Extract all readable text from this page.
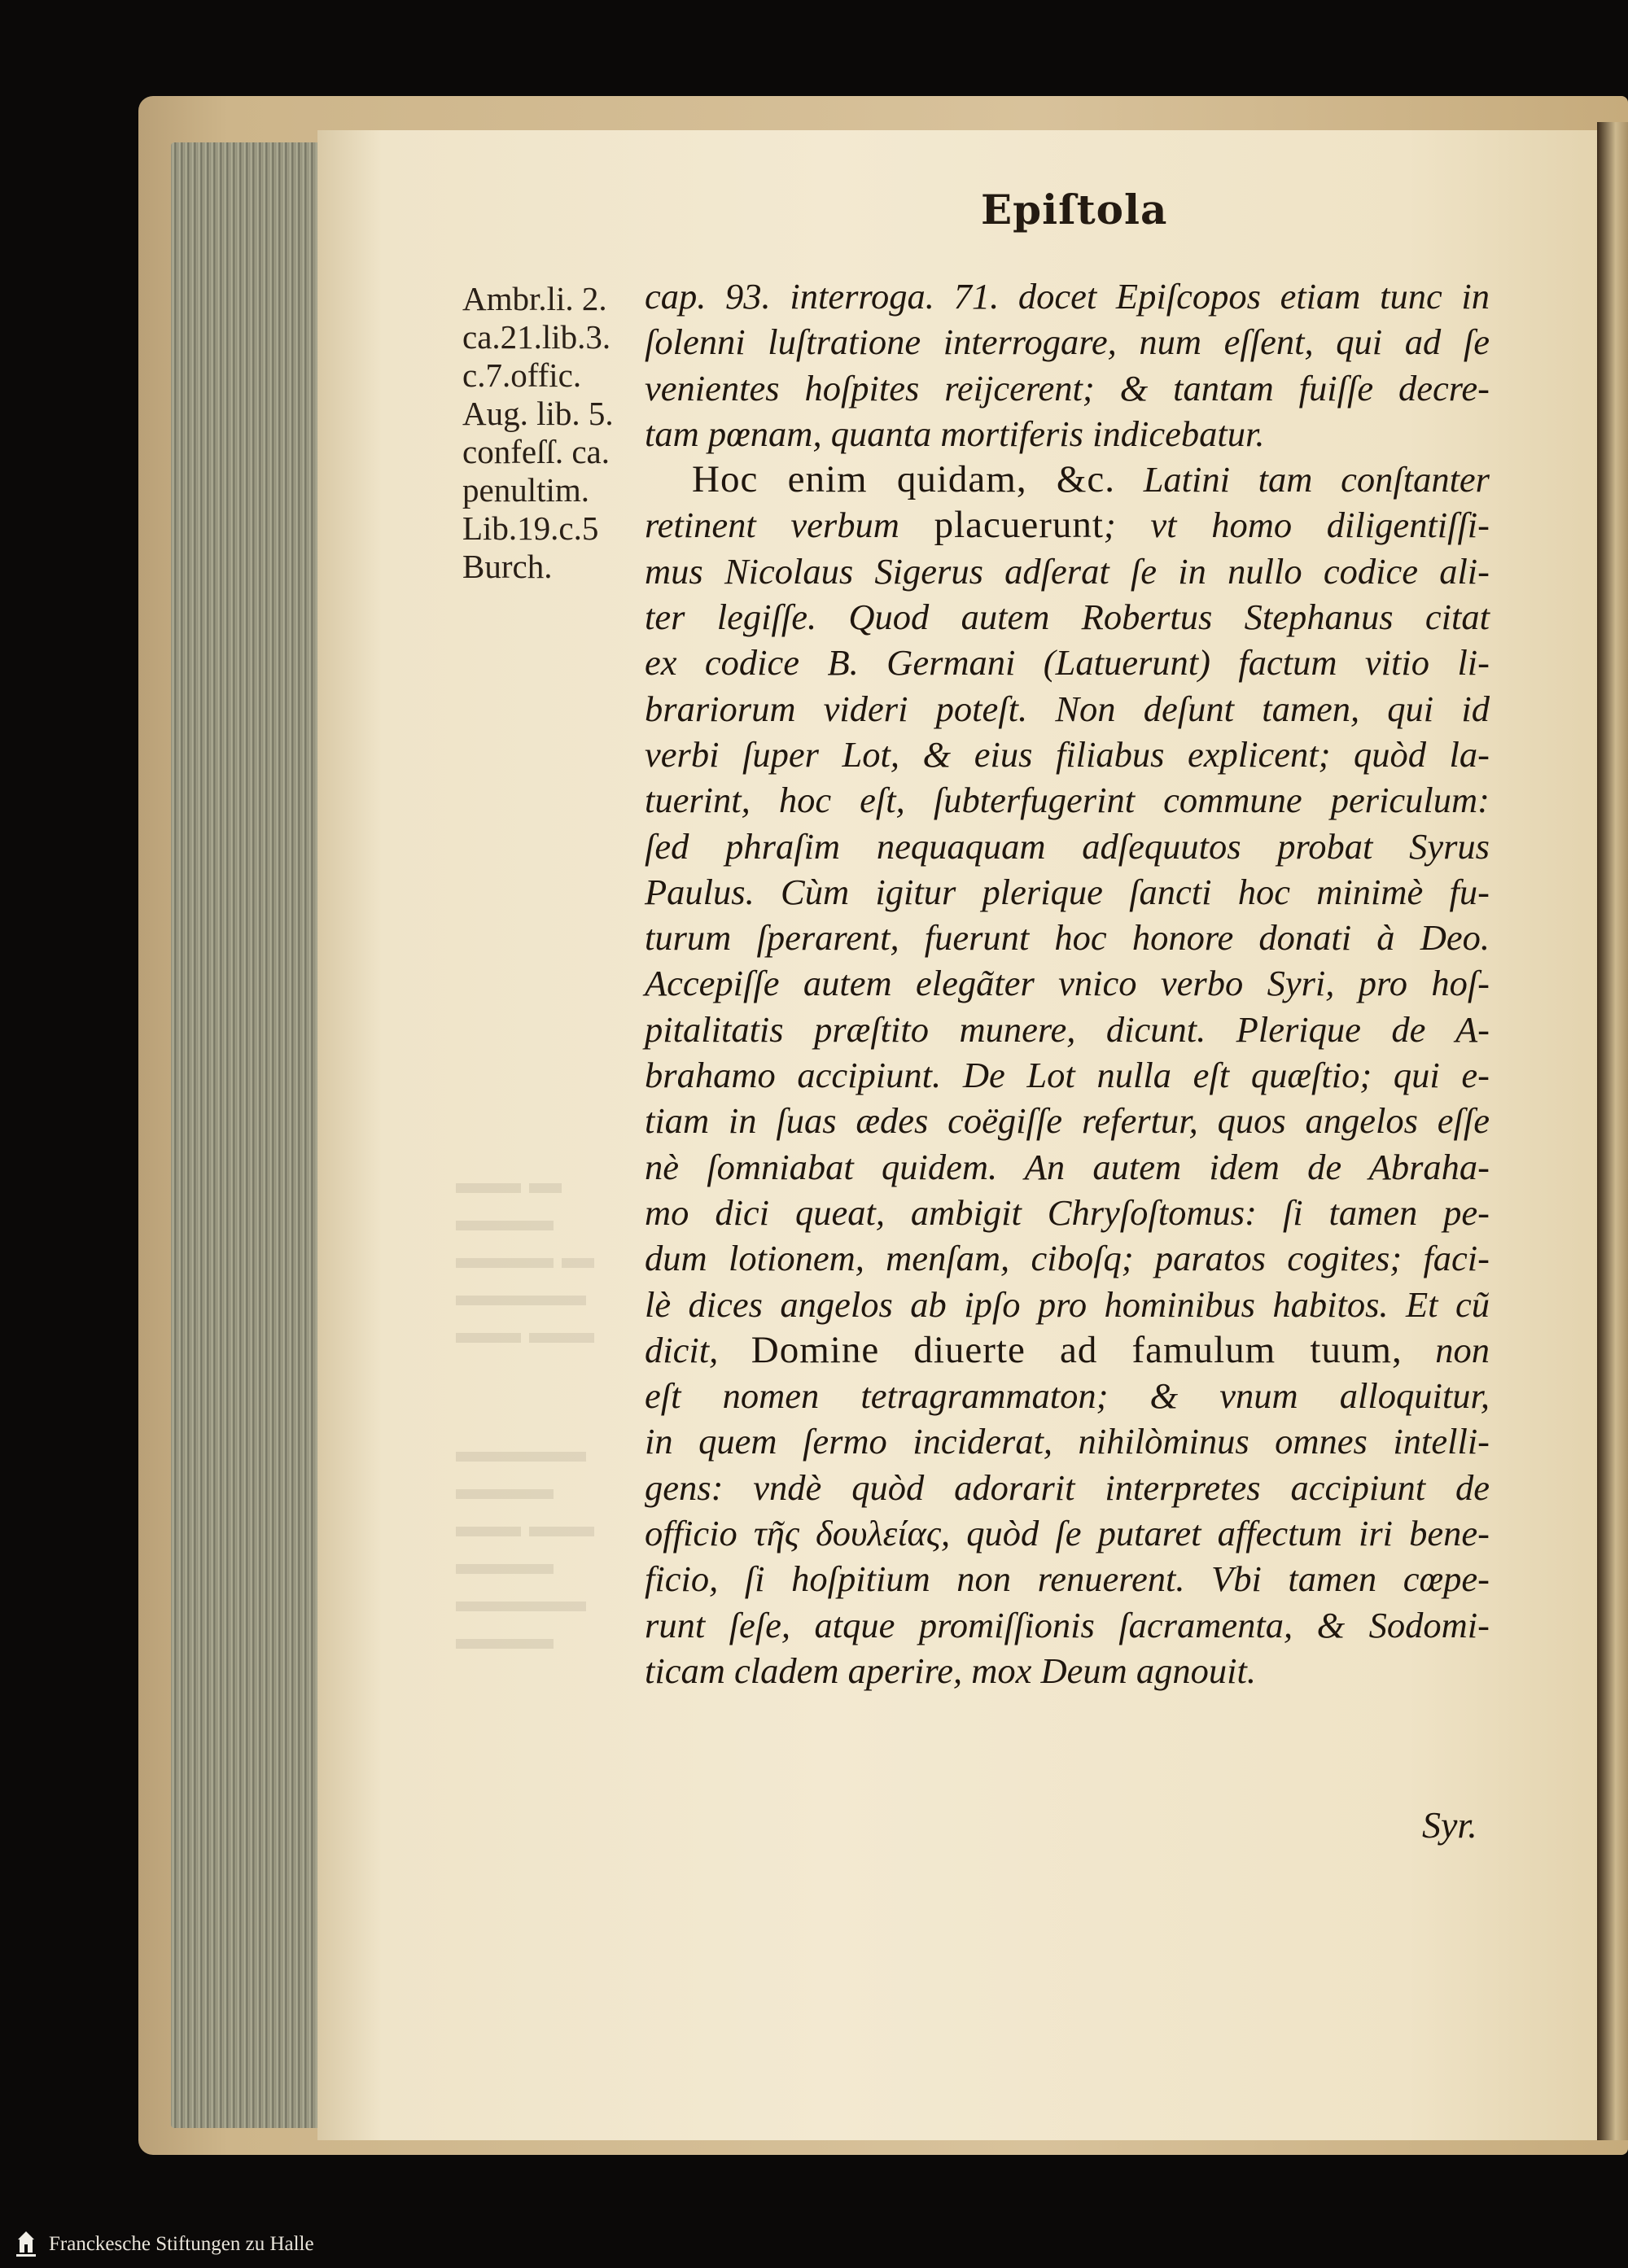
▬▬ ▬
▬▬▬
▬▬▬ ▬
▬▬▬▬
▬▬ ▬▬
▬▬▬▬
▬▬▬
▬▬ ▬▬
▬▬▬
▬▬▬▬
▬▬▬
Epiſtola
Ambr.li. 2.
ca.21.lib.3.
c.7.offic.
Aug. lib. 5.
confeſſ. ca.
penultim.
Lib.19.c.5
Burch.
cap. 93. interroga. 71. docet Epiſcopos etiam tunc in
ſolenni luſtratione interrogare, num eſſent, qui ad ſe
venientes hoſpites reijcerent; & tantam fuiſſe decre-
tam pœnam, quanta mortiferis indicebatur.
Hoc enim quidam, &c. Latini tam conſtanter
retinent verbum placuerunt; vt homo diligentiſſi-
mus Nicolaus Sigerus adſerat ſe in nullo codice ali-
ter legiſſe. Quod autem Robertus Stephanus citat
ex codice B. Germani (Latuerunt) factum vitio li-
brariorum videri poteſt. Non deſunt tamen, qui id
verbi ſuper Lot, & eius filiabus explicent; quòd la-
tuerint, hoc eſt, ſubterfugerint commune periculum:
ſed phraſim nequaquam adſequutos probat Syrus
Paulus. Cùm igitur plerique ſancti hoc minimè fu-
turum ſperarent, fuerunt hoc honore donati à Deo.
Accepiſſe autem elegãter vnico verbo Syri, pro hoſ-
pitalitatis præſtito munere, dicunt. Plerique de A-
brahamo accipiunt. De Lot nulla eſt quæſtio; qui e-
tiam in ſuas ædes coëgiſſe refertur, quos angelos eſſe
nè ſomniabat quidem. An autem idem de Abraha-
mo dici queat, ambigit Chryſoſtomus: ſi tamen pe-
dum lotionem, menſam, ciboſq; paratos cogites; faci-
lè dices angelos ab ipſo pro hominibus habitos. Et cũ
dicit, Domine diuerte ad famulum tuum, non
eſt nomen tetragrammaton; & vnum alloquitur,
in quem ſermo inciderat, nihilòminus omnes intelli-
gens: vndè quòd adorarit interpretes accipiunt de
officio τῆς δουλείας, quòd ſe putaret affectum iri bene-
ficio, ſi hoſpitium non renuerent. Vbi tamen cœpe-
runt ſeſe, atque promiſſionis ſacramenta, & Sodomi-
ticam cladem aperire, mox Deum agnouit.

Syr.

Franckesche Stiftungen zu Halle
